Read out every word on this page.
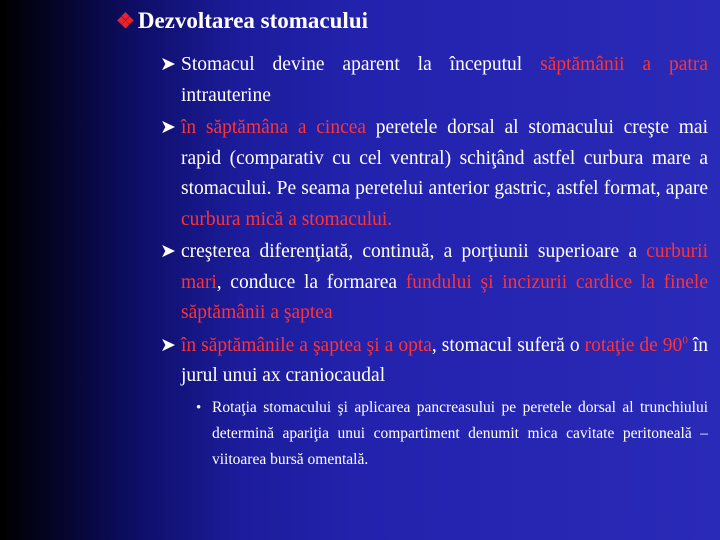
❖ Dezvoltarea stomacului
➤ Stomacul devine aparent la începutul săptămânii a patra intrauterine
➤ în săptămâna a cincea peretele dorsal al stomacului creşte mai rapid (comparativ cu cel ventral) schiţând astfel curbura mare a stomacului. Pe seama peretelui anterior gastric, astfel format, apare curbura mică a stomacului.
➤ creşterea diferenţiată, continuă, a porţiunii superioare a curburii mari, conduce la formarea fundului şi incizurii cardice la finele săptămânii a şaptea
➤ în săptămânile a şaptea şi a opta, stomacul suferă o rotaţie de $90^0$ în jurul unui ax craniocaudal
• Rotaţia stomacului şi aplicarea pancreasului pe peretele dorsal al trunchiului determină apariţia unui compartiment denumit mica cavitate peritoneală – viitoarea bursă omentală.
